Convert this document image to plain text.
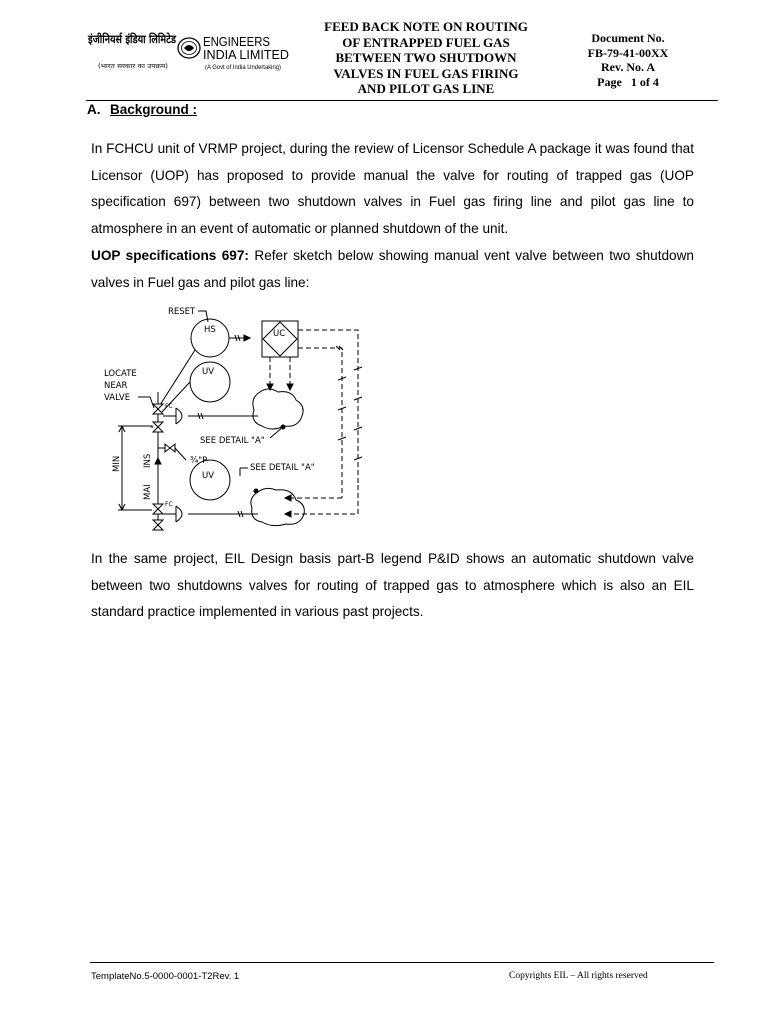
इंजीनियर्स इंडिया लिमिटेड
(भारत सरकार का उपक्रम)
ENGINEERS
INDIA LIMITED
(A Govt of India Undertaking)
FEED BACK NOTE ON ROUTING
OF ENTRAPPED FUEL GAS
BETWEEN TWO SHUTDOWN
VALVES IN FUEL GAS FIRING
AND PILOT GAS LINE
Document No.
FB-79-41-00XX
Rev. No. A
Page   1 of 4
A. Background :
In FCHCU unit of VRMP project, during the review of Licensor Schedule A package it was found that Licensor (UOP) has proposed to provide manual the valve for routing of trapped gas (UOP specification 697) between two shutdown valves in Fuel gas firing line and pilot gas line to atmosphere in an event of automatic or planned shutdown of the unit.
UOP specifications 697: Refer sketch below showing manual vent valve between two shutdown valves in Fuel gas and pilot gas line:
RESET
HS	UC
UV
UV
LOCATE
NEAR
VALVE
FC
"
¾"P
MIN INS
MAI
FC
SEE DETAIL "A"
SEE DETAIL "A"
In the same project, EIL Design basis part-B legend P&ID shows an automatic shutdown valve between two shutdowns valves for routing of trapped gas to atmosphere which is also an EIL standard practice implemented in various past projects.
TemplateNo.5-0000-0001-T2Rev. 1	Copyrights EIL – All rights reserved
